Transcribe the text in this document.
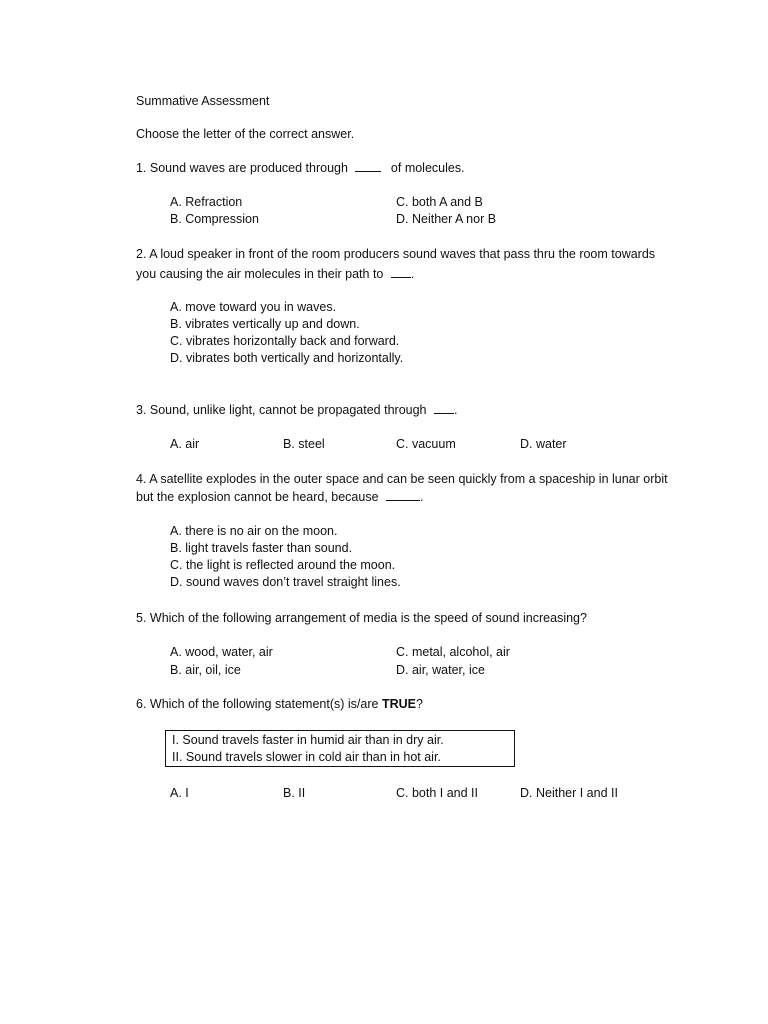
Summative Assessment
Choose the letter of the correct answer.
1. Sound waves are produced through	of molecules.
A. Refraction
B. Compression
C. both A and B
D. Neither A nor B
2. A loud speaker in front of the room producers sound waves that pass thru the room towards
you causing the air molecules in their path to .
A. move toward you in waves.
B. vibrates vertically up and down.
C. vibrates horizontally back and forward.
D. vibrates both vertically and horizontally.
3. Sound, unlike light, cannot be propagated through .
A. air	B. steel	C. vacuum	D. water
4. A satellite explodes in the outer space and can be seen quickly from a spaceship in lunar orbit
but the explosion cannot be heard, because	.
A. there is no air on the moon.
B. light travels faster than sound.
C. the light is reflected around the moon.
D. sound waves don’t travel straight lines.
5. Which of the following arrangement of media is the speed of sound increasing?
A. wood, water, air
B. air, oil, ice
C. metal, alcohol, air
D. air, water, ice
6. Which of the following statement(s) is/are TRUE?
I. Sound travels faster in humid air than in dry air.
II. Sound travels slower in cold air than in hot air.
A. I	B. II	C. both I and II	D. Neither I and II
